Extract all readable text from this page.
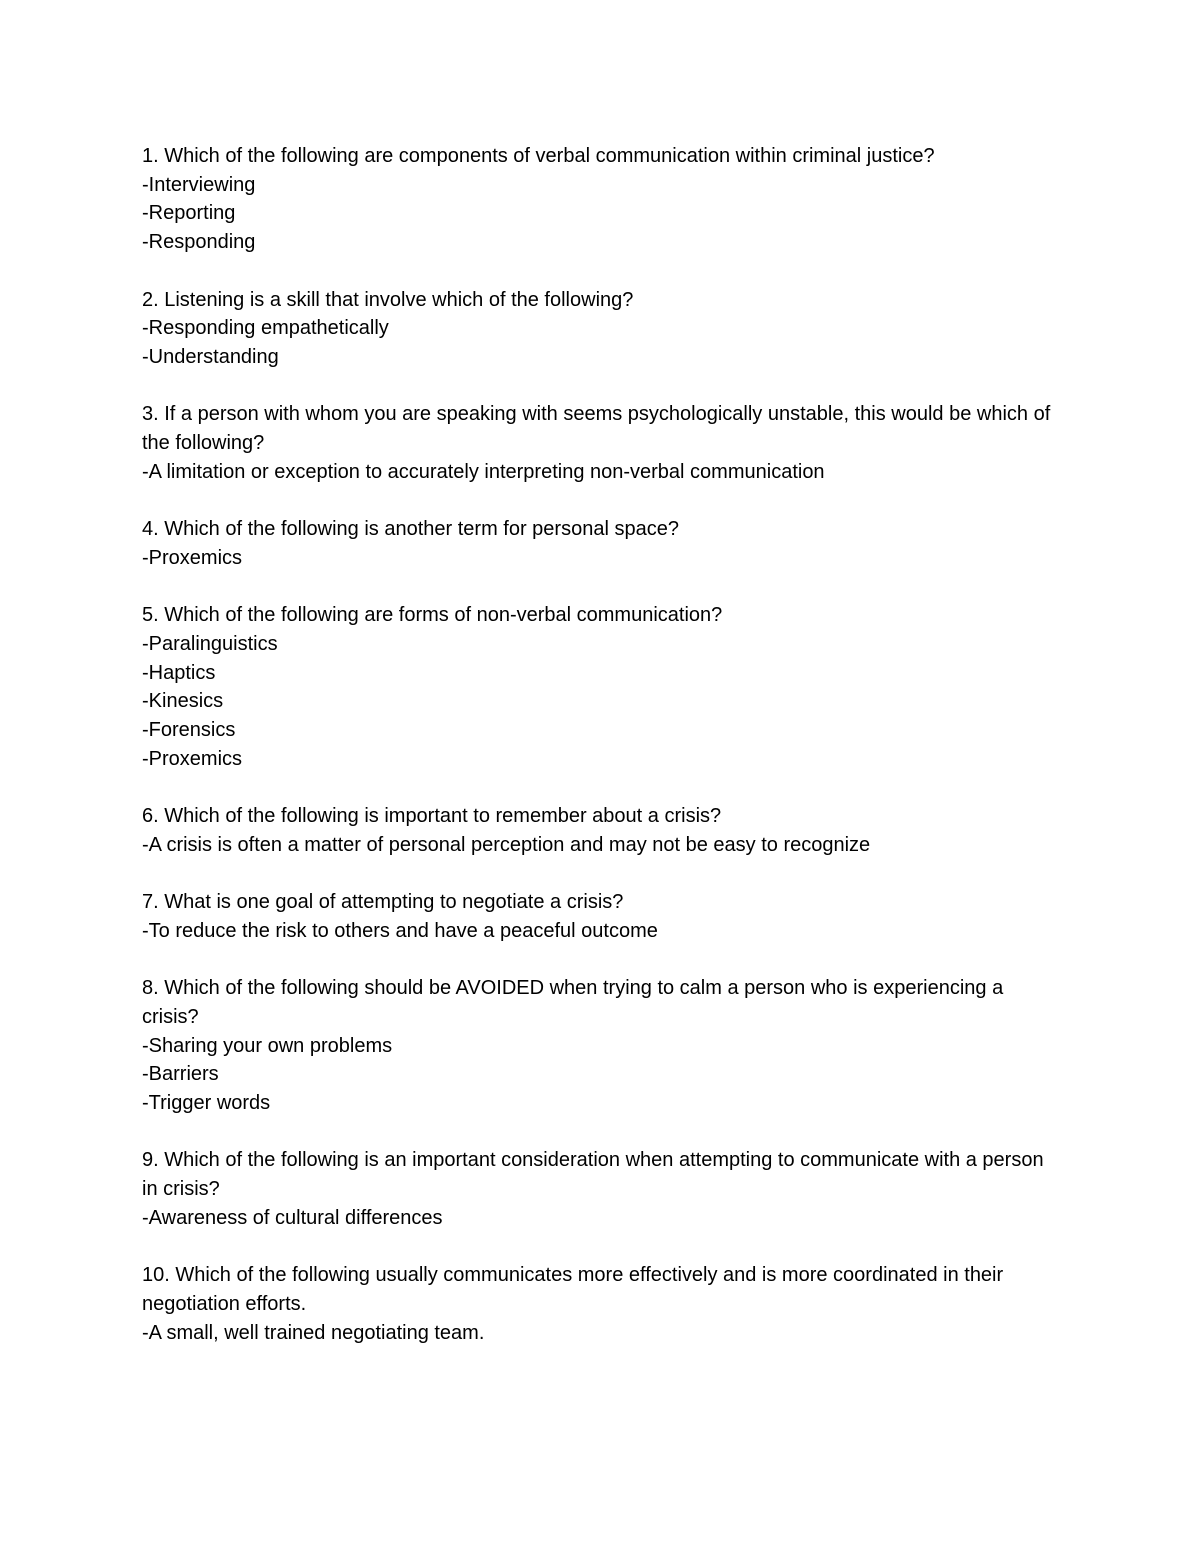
1. Which of the following are components of verbal communication within criminal justice?
-Interviewing
-Reporting
-Responding
2. Listening is a skill that involve which of the following?
-Responding empathetically
-Understanding
3. If a person with whom you are speaking with seems psychologically unstable, this would be which of the following?
-A limitation or exception to accurately interpreting non-verbal communication
4. Which of the following is another term for personal space?
-Proxemics
5. Which of the following are forms of non-verbal communication?
-Paralinguistics
-Haptics
-Kinesics
-Forensics
-Proxemics
6. Which of the following is important to remember about a crisis?
-A crisis is often a matter of personal perception and may not be easy to recognize
7. What is one goal of attempting to negotiate a crisis?
-To reduce the risk to others and have a peaceful outcome
8. Which of the following should be AVOIDED when trying to calm a person who is experiencing a crisis?
-Sharing your own problems
-Barriers
-Trigger words
9. Which of the following is an important consideration when attempting to communicate with a person in crisis?
-Awareness of cultural differences
10. Which of the following usually communicates more effectively and is more coordinated in their negotiation efforts.
-A small, well trained negotiating team.
